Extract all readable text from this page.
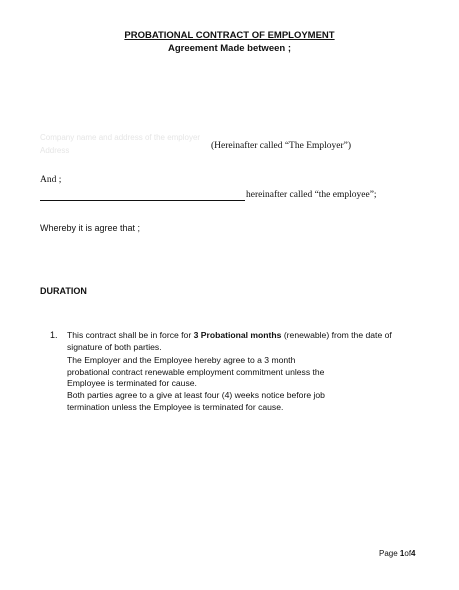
PROBATIONAL CONTRACT OF EMPLOYMENT
Agreement Made between ;
Company name and address of the employer
Address	(Hereinafter called “The Employer”)
And ;
hereinafter called “the employee”;
Whereby it is agree that ;
DURATION
1. This contract shall be in force for 3 Probational months (renewable) from the date of signature of both parties.
The Employer and the Employee hereby agree to a 3 month probational contract renewable employment commitment unless the Employee is terminated for cause.
Both parties agree to a give at least four (4) weeks notice before job termination unless the Employee is terminated for cause.
Page 1of4
